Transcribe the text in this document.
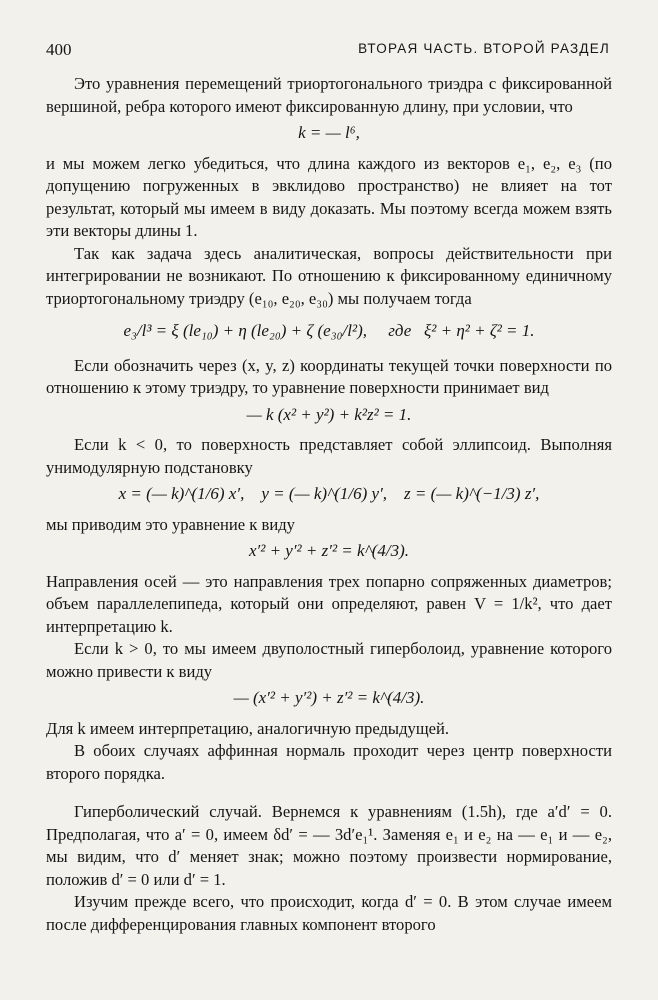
400	ВТОРАЯ ЧАСТЬ. ВТОРОЙ РАЗДЕЛ

Это уравнения перемещений триортогонального триэдра с фиксированной вершиной, ребра которого имеют фиксированную длину, при условии, что

k = — l⁶,

и мы можем легко убедиться, что длина каждого из векторов e₁, e₂, e₃ (по допущению погруженных в эвклидово пространство) не влияет на тот результат, который мы имеем в виду доказать. Мы поэтому всегда можем взять эти векторы длины 1.

Так как задача здесь аналитическая, вопросы действительности при интегрировании не возникают. По отношению к фиксированному единичному триортогональному триэдру (e₁₀, e₂₀, e₃₀) мы получаем тогда

e₃/l³ = ξ (le₁₀) + η (le₂₀) + ζ (e₃₀/l²),     где   ξ² + η² + ζ² = 1.

Если обозначить через (x, y, z) координаты текущей точки поверхности по отношению к этому триэдру, то уравнение поверхности принимает вид

— k (x² + y²) + k²z² = 1.

Если k < 0, то поверхность представляет собой эллипсоид. Выполняя унимодулярную подстановку

x = (— k)^(1/6) x′,    y = (— k)^(1/6) y′,    z = (— k)^(−1/3) z′,

мы приводим это уравнение к виду

x′² + y′² + z′² = k^(4/3).

Направления осей — это направления трех попарно сопряженных диаметров; объем параллелепипеда, который они определяют, равен V = 1/k², что дает интерпретацию k.

Если k > 0, то мы имеем двуполостный гиперболоид, уравнение которого можно привести к виду

— (x′² + y′²) + z′² = k^(4/3).

Для k имеем интерпретацию, аналогичную предыдущей.

В обоих случаях аффинная нормаль проходит через центр поверхности второго порядка.

Гиперболический случай. Вернемся к уравнениям (1.5h), где a′d′ = 0. Предполагая, что a′ = 0, имеем δd′ = — 3d′e₁¹. Заменяя e₁ и e₂ на — e₁ и — e₂, мы видим, что d′ меняет знак; можно поэтому произвести нормирование, положив d′ = 0 или d′ = 1.

Изучим прежде всего, что происходит, когда d′ = 0. В этом случае имеем после дифференцирования главных компонент второго
